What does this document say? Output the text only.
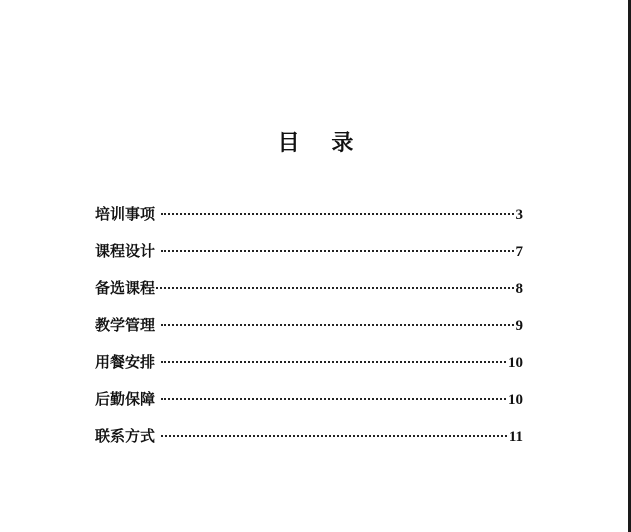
目 录
培训事项	3
课程设计	7
备选课程	8
教学管理	9
用餐安排	10
后勤保障	10
联系方式	11
